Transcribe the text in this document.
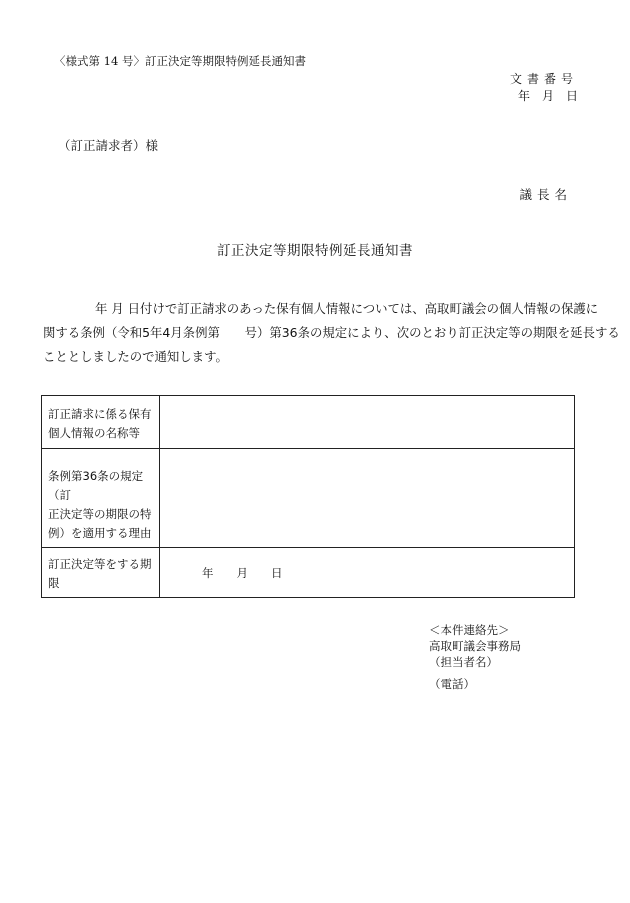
〈様式第 14 号〉訂正決定等期限特例延長通知書
文書番号
年　月　日
（訂正請求者）様
議長名
訂正決定等期限特例延長通知書
年 月 日付けで訂正請求のあった保有個人情報については、高取町議会の個人情報の保護に
関する条例（令和5年4月条例第　　号）第36条の規定により、次のとおり訂正決定等の期限を延長する
こととしましたので通知します。
訂正請求に係る保有
個人情報の名称等	

条例第36条の規定（訂
正決定等の期限の特
例）を適用する理由	

訂正決定等をする期
限	年　　月　　日
＜本件連絡先＞
高取町議会事務局
（担当者名）
（電話）
